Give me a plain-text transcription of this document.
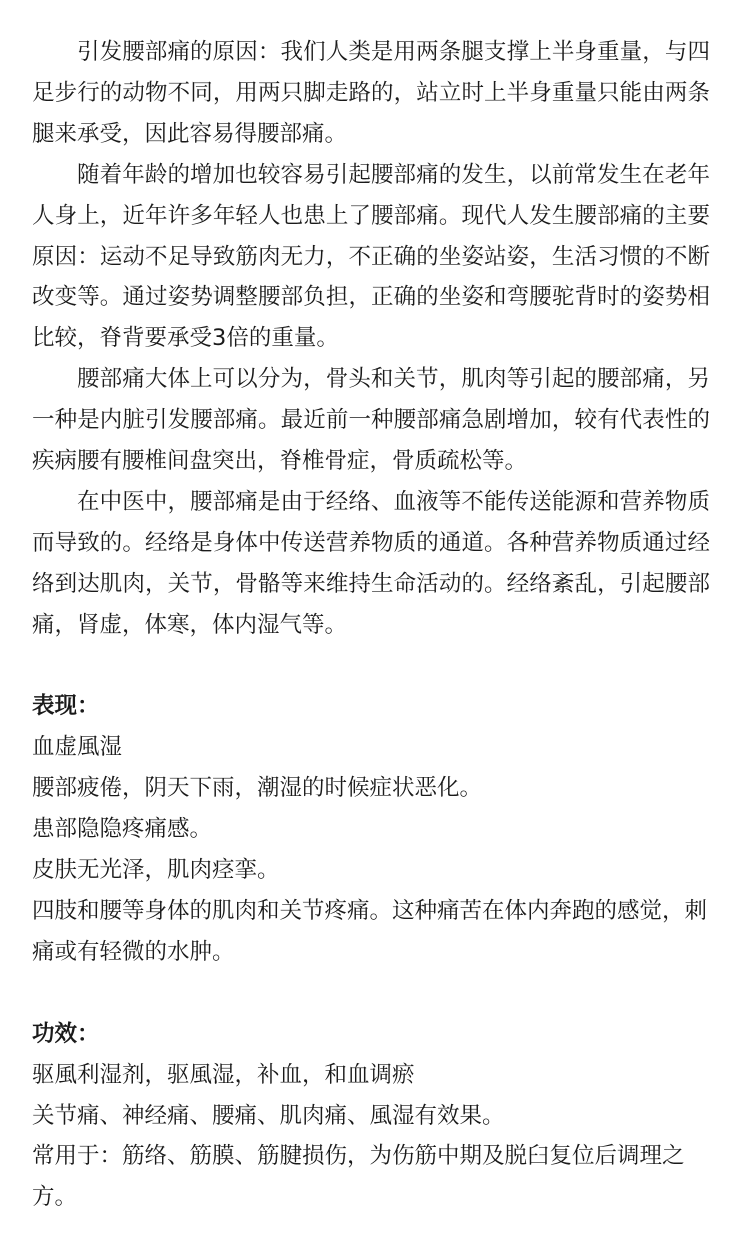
引发腰部痛的原因：我们人类是用两条腿支撑上半身重量，与四足步行的动物不同，用两只脚走路的，站立时上半身重量只能由两条腿来承受，因此容易得腰部痛。

随着年龄的增加也较容易引起腰部痛的发生，以前常发生在老年人身上，近年许多年轻人也患上了腰部痛。现代人发生腰部痛的主要原因：运动不足导致筋肉无力，不正确的坐姿站姿，生活习惯的不断改变等。通过姿势调整腰部负担，正确的坐姿和弯腰驼背时的姿势相比较，脊背要承受3倍的重量。

腰部痛大体上可以分为，骨头和关节，肌肉等引起的腰部痛，另一种是内脏引发腰部痛。最近前一种腰部痛急剧增加，较有代表性的疾病腰有腰椎间盘突出，脊椎骨症，骨质疏松等。

在中医中，腰部痛是由于经络、血液等不能传送能源和营养物质而导致的。经络是身体中传送营养物质的通道。各种营养物质通过经络到达肌肉，关节，骨骼等来维持生命活动的。经络紊乱，引起腰部痛，肾虚，体寒，体内湿气等。

表现：

血虚風湿

腰部疲倦，阴天下雨，潮湿的时候症状恶化。

患部隐隐疼痛感。

皮肤无光泽，肌肉痉挛。

四肢和腰等身体的肌肉和关节疼痛。这种痛苦在体内奔跑的感觉，刺痛或有轻微的水肿。

功效：

驱風利湿剂，驱風湿，补血，和血调瘀

关节痛、神经痛、腰痛、肌肉痛、風湿有效果。

常用于：筋络、筋膜、筋腱损伤，为伤筋中期及脱臼复位后调理之方。
